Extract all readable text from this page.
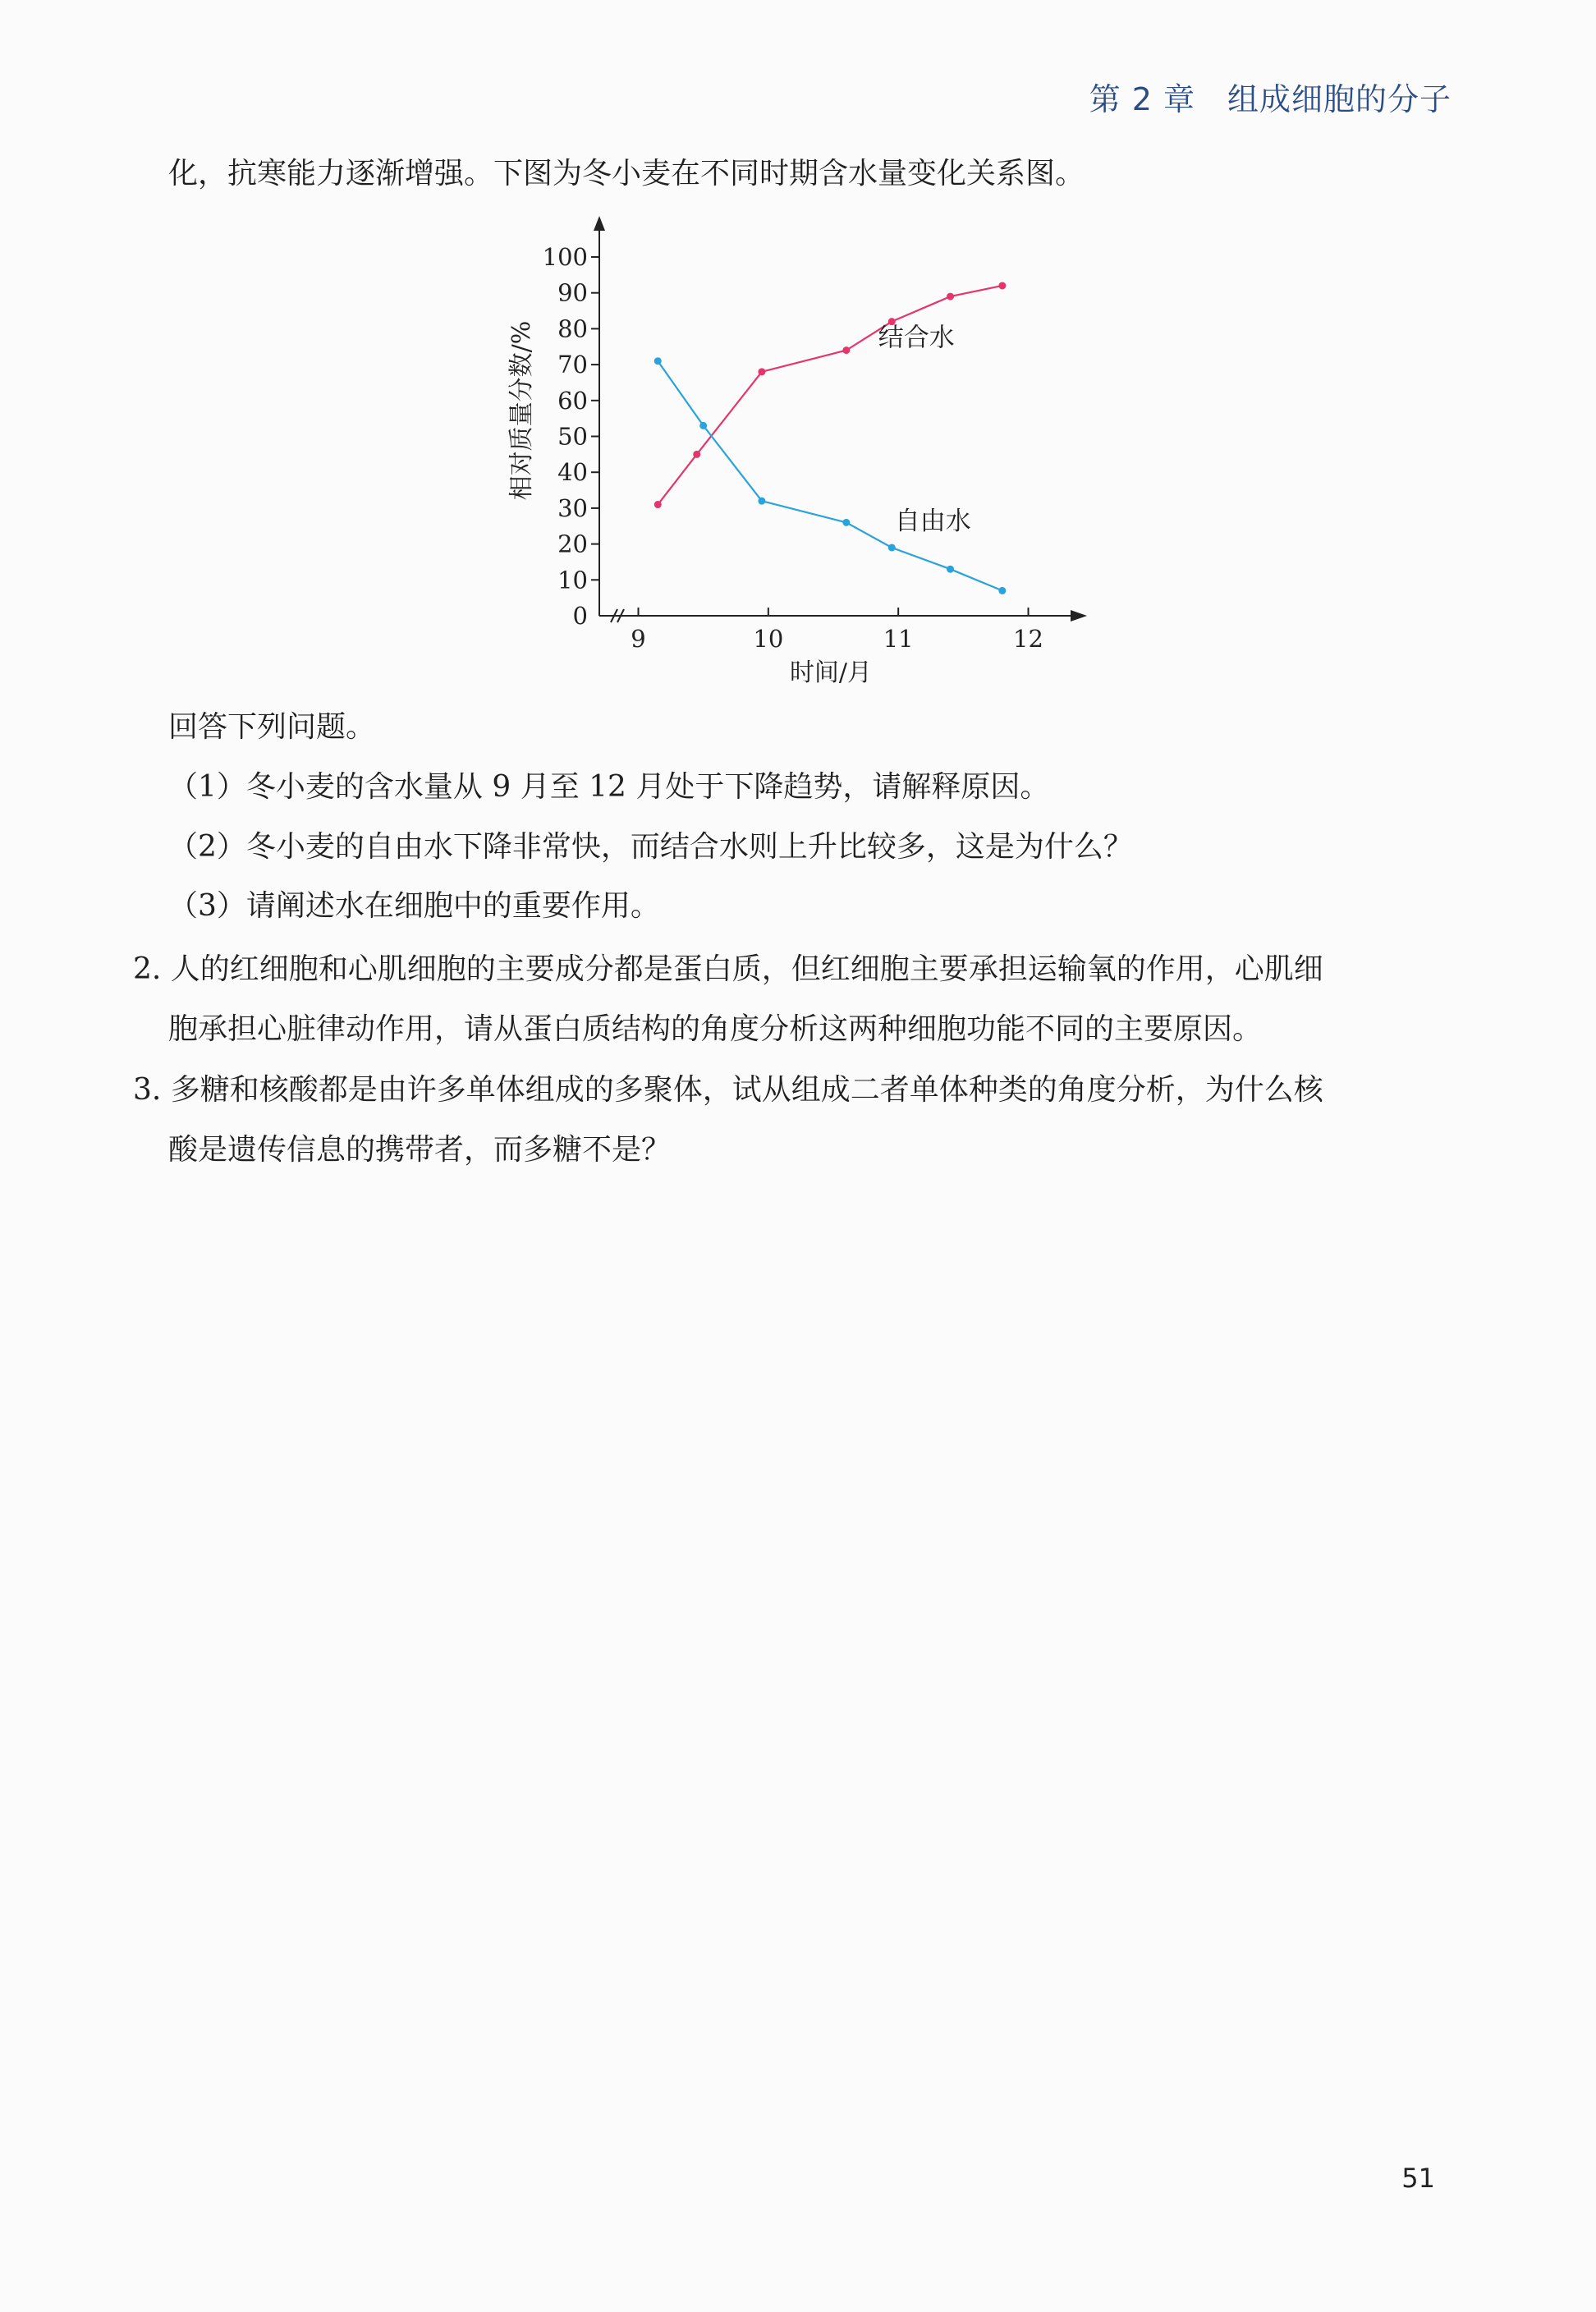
第 2 章　组成细胞的分子
化，抗寒能力逐渐增强。下图为冬小麦在不同时期含水量变化关系图。
0
10
20
30
40
50
60
70
80
90
100
9	10	11	12
结合水
自由水
相对质量分数/%
时间/月
回答下列问题。
（1）冬小麦的含水量从 9 月至 12 月处于下降趋势，请解释原因。
（2）冬小麦的自由水下降非常快，而结合水则上升比较多，这是为什么？
（3）请阐述水在细胞中的重要作用。
2. 人的红细胞和心肌细胞的主要成分都是蛋白质，但红细胞主要承担运输氧的作用，心肌细
胞承担心脏律动作用，请从蛋白质结构的角度分析这两种细胞功能不同的主要原因。
3. 多糖和核酸都是由许多单体组成的多聚体，试从组成二者单体种类的角度分析，为什么核
酸是遗传信息的携带者，而多糖不是？
51
